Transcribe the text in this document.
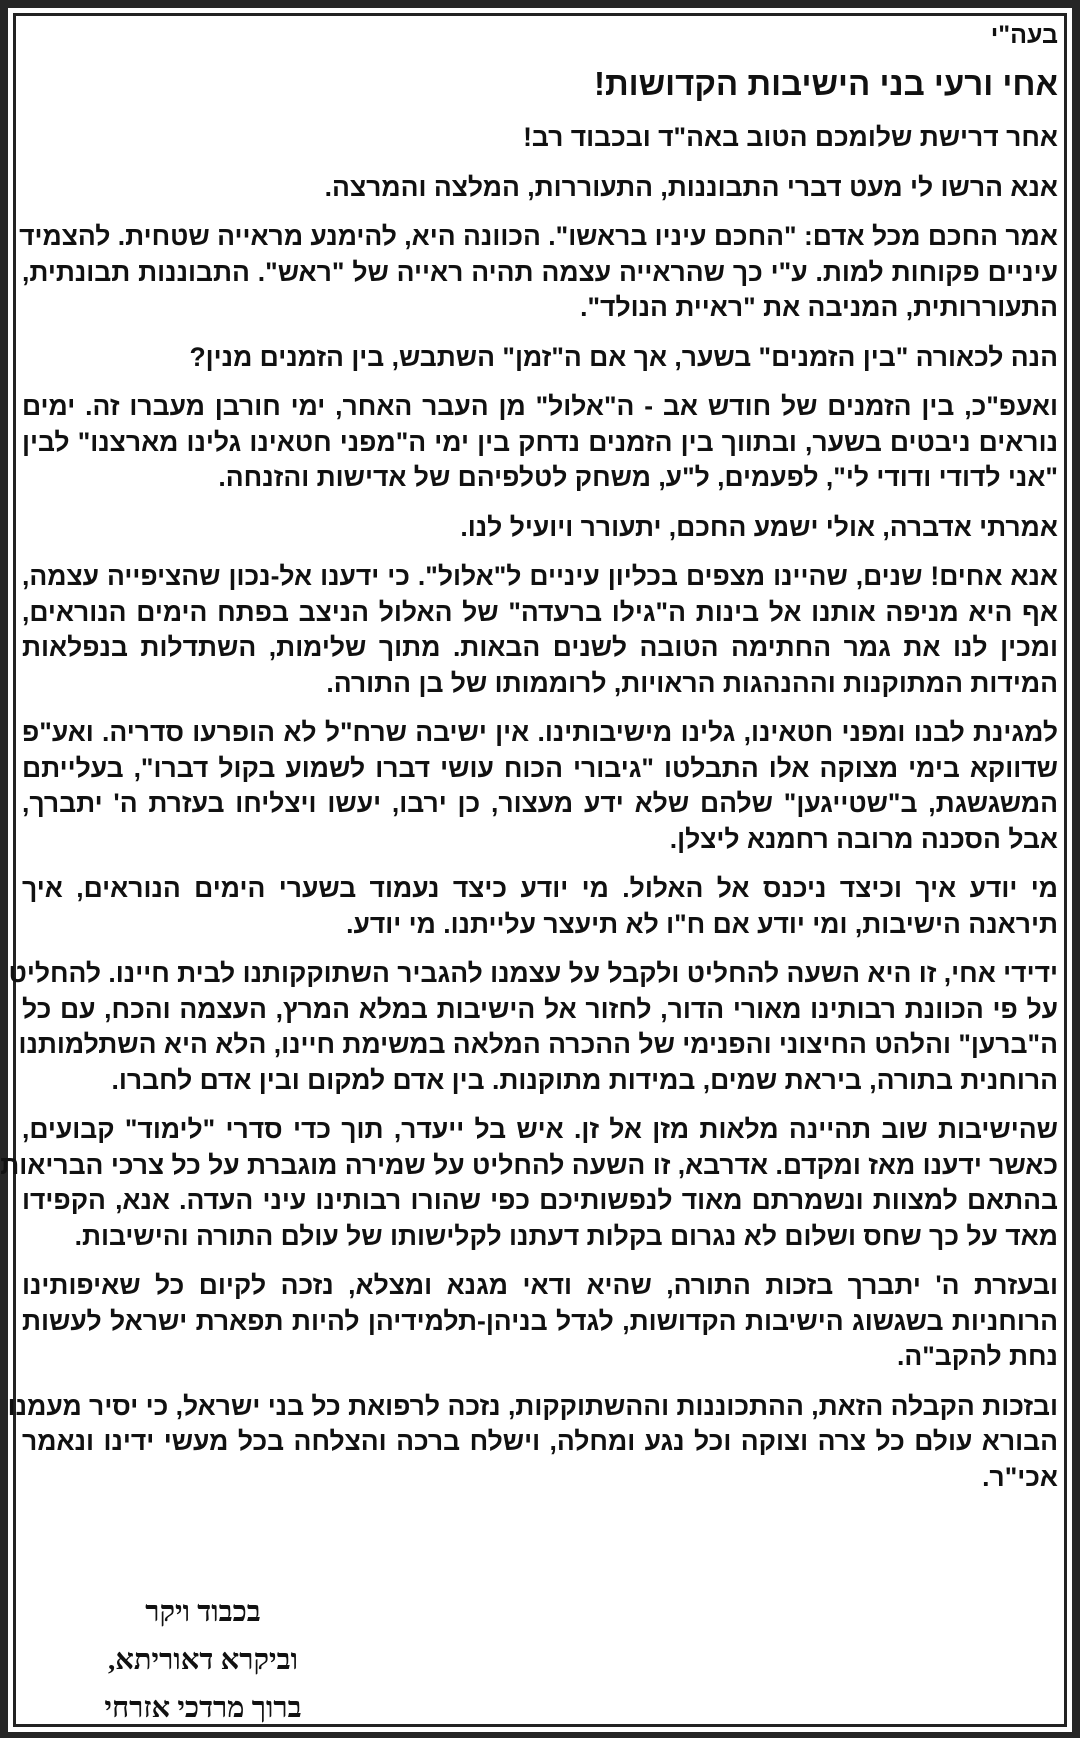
בעה"י
אחי ורעי בני הישיבות הקדושות!
אחר דרישת שלומכם הטוב באה"ד ובכבוד רב!
אנא הרשו לי מעט דברי התבוננות, התעוררות, המלצה והמרצה.
אמר החכם מכל אדם: "החכם עיניו בראשו". הכוונה היא, להימנע מראייה שטחית. להצמיד
עיניים פקוחות למות. ע"י כך שהראייה עצמה תהיה ראייה של "ראש". התבוננות תבונתית,
התעוררותית, המניבה את "ראיית הנולד".
הנה לכאורה "בין הזמנים" בשער, אך אם ה"זמן" השתבש, בין הזמנים מנין?
ואעפ"כ, בין הזמנים של חודש אב - ה"אלול" מן העבר האחר, ימי חורבן מעברו זה. ימים
נוראים ניבטים בשער, ובתווך בין הזמנים נדחק בין ימי ה"מפני חטאינו גלינו מארצנו" לבין
"אני לדודי ודודי לי", לפעמים, ל"ע, משחק לטלפיהם של אדישות והזנחה.
אמרתי אדברה, אולי ישמע החכם, יתעורר ויועיל לנו.
אנא אחים! שנים, שהיינו מצפים בכליון עיניים ל"אלול". כי ידענו אל-נכון שהציפייה עצמה,
אף היא מניפה אותנו אל בינות ה"גילו ברעדה" של האלול הניצב בפתח הימים הנוראים,
ומכין לנו את גמר החתימה הטובה לשנים הבאות. מתוך שלימות, השתדלות בנפלאות
המידות המתוקנות וההנהגות הראויות, לרוממותו של בן התורה.
למגינת לבנו ומפני חטאינו, גלינו מישיבותינו. אין ישיבה שרח"ל לא הופרעו סדריה. ואע"פ
שדווקא בימי מצוקה אלו התבלטו "גיבורי הכוח עושי דברו לשמוע בקול דברו", בעלייתם
המשגשגת, ב"שטייגען" שלהם שלא ידע מעצור, כן ירבו, יעשו ויצליחו בעזרת ה' יתברך,
אבל הסכנה מרובה רחמנא ליצלן.
מי יודע איך וכיצד ניכנס אל האלול. מי יודע כיצד נעמוד בשערי הימים הנוראים, איך
תיראנה הישיבות, ומי יודע אם ח"ו לא תיעצר עלייתנו. מי יודע.
ידידי אחי, זו היא השעה להחליט ולקבל על עצמנו להגביר השתוקקותנו לבית חיינו. להחליט
על פי הכוונת רבותינו מאורי הדור, לחזור אל הישיבות במלא המרץ, העצמה והכח, עם כל
ה"ברען" והלהט החיצוני והפנימי של ההכרה המלאה במשימת חיינו, הלא היא השתלמותנו
הרוחנית בתורה, ביראת שמים, במידות מתוקנות. בין אדם למקום ובין אדם לחברו.
שהישיבות שוב תהיינה מלאות מזן אל זן. איש בל ייעדר, תוך כדי סדרי "לימוד" קבועים,
כאשר ידענו מאז ומקדם. אדרבא, זו השעה להחליט על שמירה מוגברת על כל צרכי הבריאות
בהתאם למצוות ונשמרתם מאוד לנפשותיכם כפי שהורו רבותינו עיני העדה. אנא, הקפידו
מאד על כך שחס ושלום לא נגרום בקלות דעתנו לקלישותו של עולם התורה והישיבות.
ובעזרת ה' יתברך בזכות התורה, שהיא ודאי מגנא ומצלא, נזכה לקיום כל שאיפותינו
הרוחניות בשגשוג הישיבות הקדושות, לגדל בניהן-תלמידיהן להיות תפארת ישראל לעשות
נחת להקב"ה.
ובזכות הקבלה הזאת, ההתכוננות וההשתוקקות, נזכה לרפואת כל בני ישראל, כי יסיר מעמנו
הבורא עולם כל צרה וצוקה וכל נגע ומחלה, וישלח ברכה והצלחה בכל מעשי ידינו ונאמר
אכי"ר.
בכבוד ויקר
וביקרא דאוריתא,
ברוך מרדכי אזרחי
